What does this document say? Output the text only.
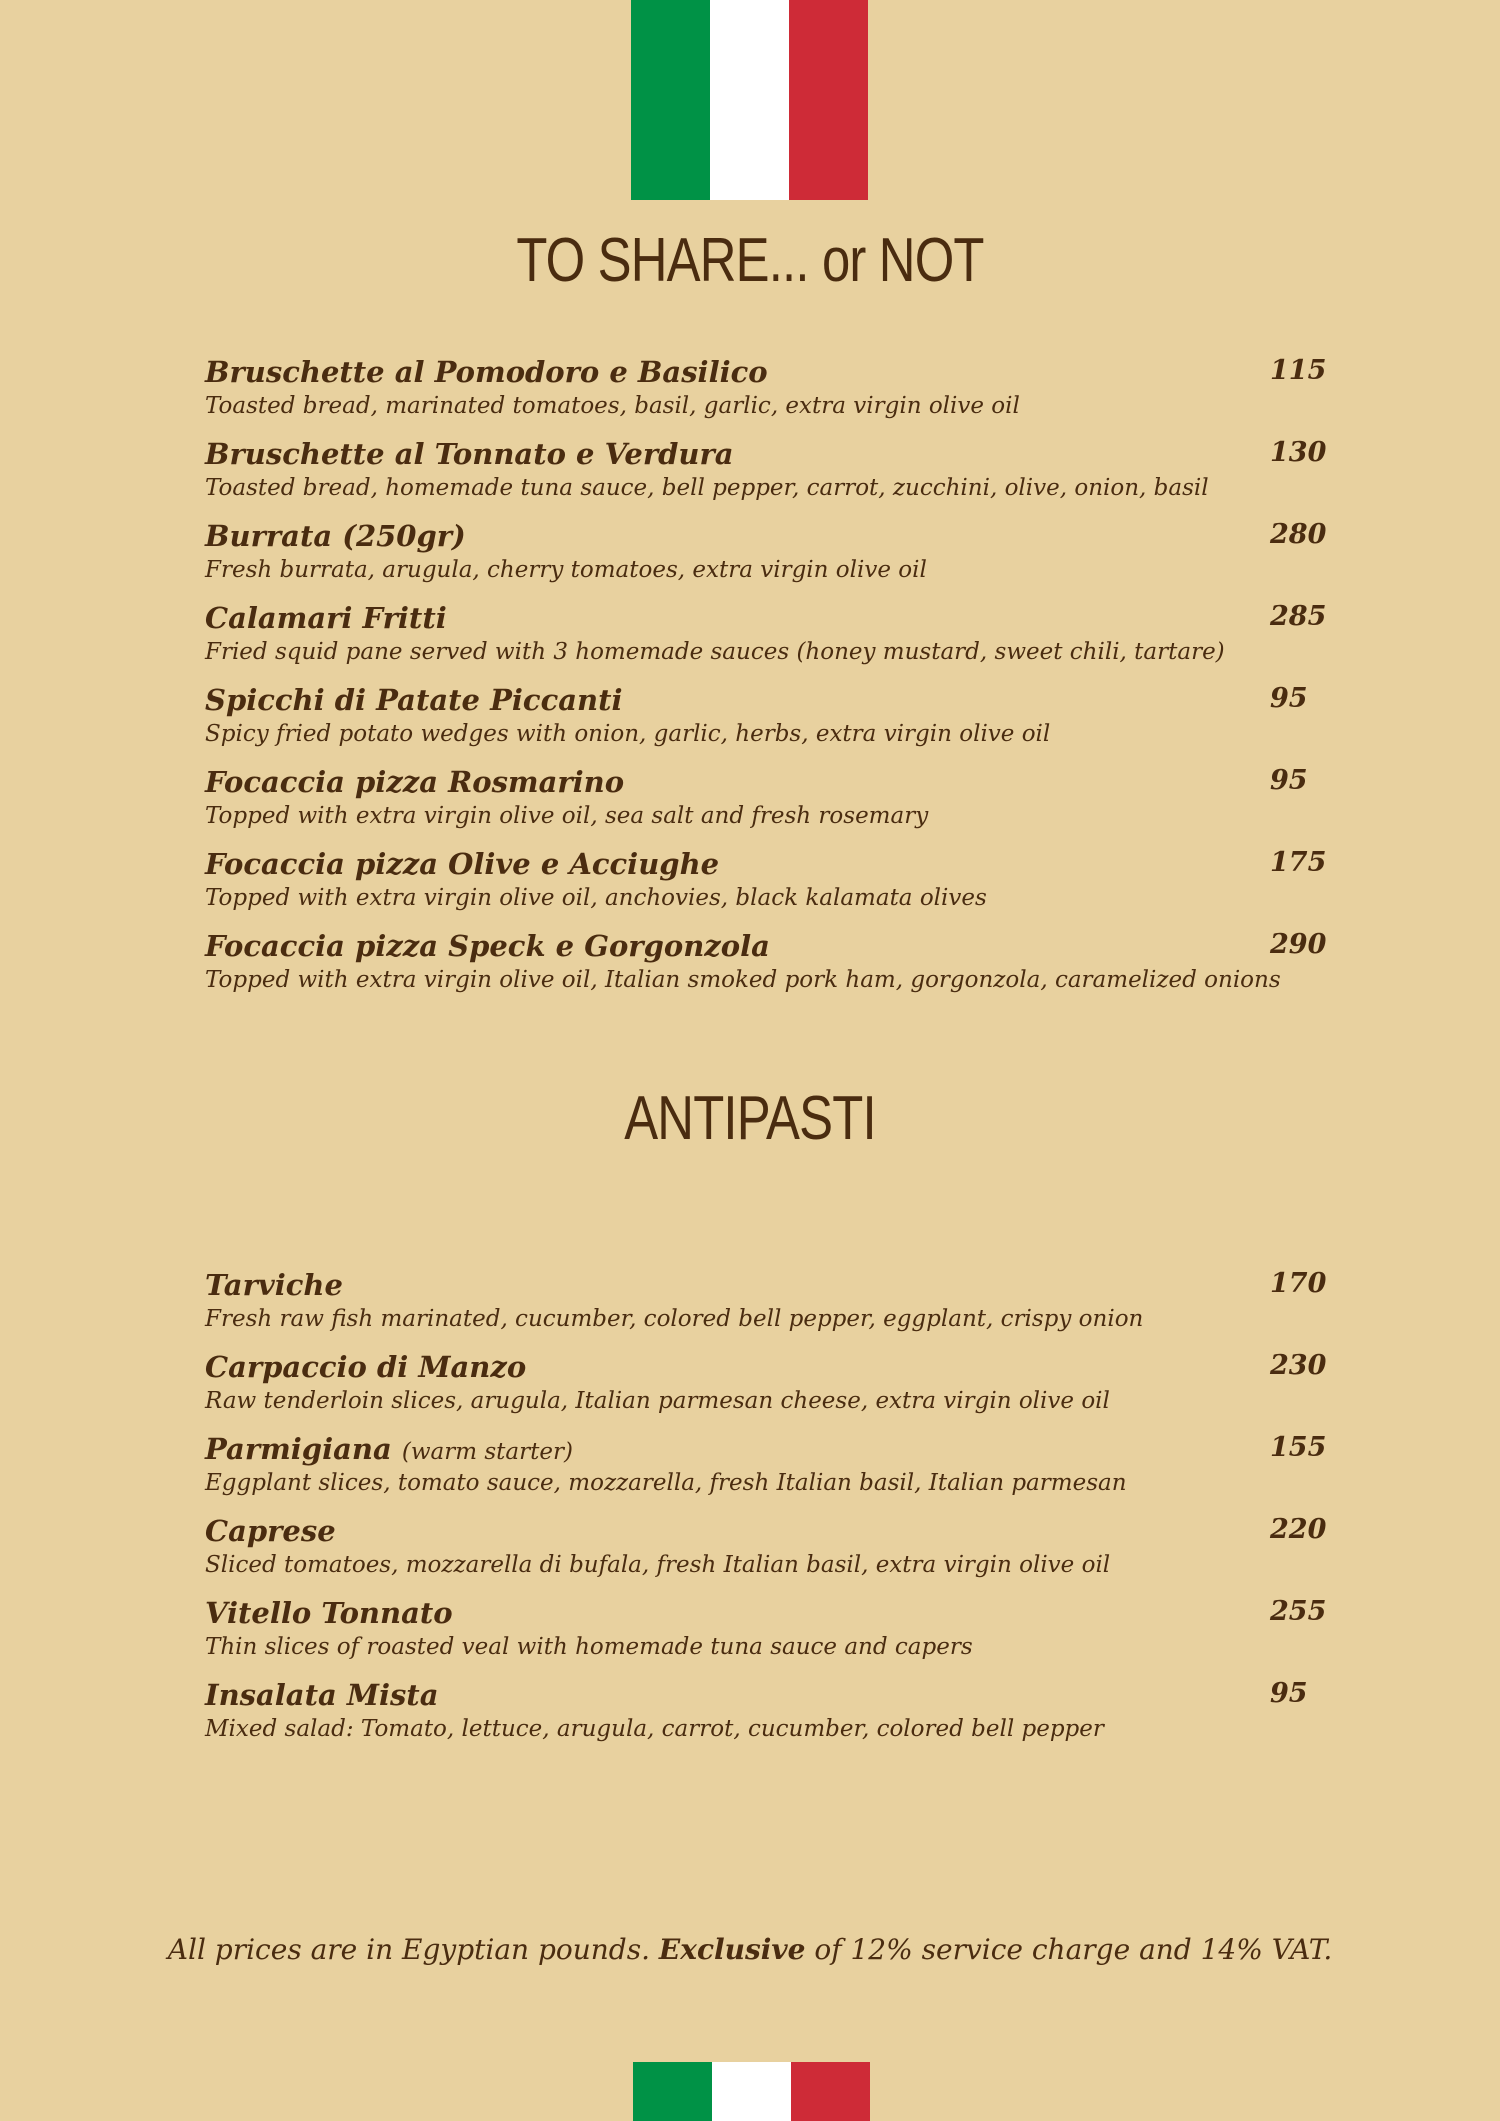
TO SHARE... or NOT
Bruschette al Pomodoro e Basilico	115
Toasted bread, marinated tomatoes, basil, garlic, extra virgin olive oil
Bruschette al Tonnato e Verdura	130
Toasted bread, homemade tuna sauce, bell pepper, carrot, zucchini, olive, onion, basil
Burrata (250gr)	280
Fresh burrata, arugula, cherry tomatoes, extra virgin olive oil
Calamari Fritti	285
Fried squid pane served with 3 homemade sauces (honey mustard, sweet chili, tartare)
Spicchi di Patate Piccanti	95
Spicy fried potato wedges with onion, garlic, herbs, extra virgin olive oil
Focaccia pizza Rosmarino	95
Topped with extra virgin olive oil, sea salt and fresh rosemary
Focaccia pizza Olive e Acciughe	175
Topped with extra virgin olive oil, anchovies, black kalamata olives
Focaccia pizza Speck e Gorgonzola	290
Topped with extra virgin olive oil, Italian smoked pork ham, gorgonzola, caramelized onions
ANTIPASTI
Tarviche	170
Fresh raw fish marinated, cucumber, colored bell pepper, eggplant, crispy onion
Carpaccio di Manzo	230
Raw tenderloin slices, arugula, Italian parmesan cheese, extra virgin olive oil
Parmigiana (warm starter)	155
Eggplant slices, tomato sauce, mozzarella, fresh Italian basil, Italian parmesan
Caprese	220
Sliced tomatoes, mozzarella di bufala, fresh Italian basil, extra virgin olive oil
Vitello Tonnato	255
Thin slices of roasted veal with homemade tuna sauce and capers
Insalata Mista	95
Mixed salad: Tomato, lettuce, arugula, carrot, cucumber, colored bell pepper
All prices are in Egyptian pounds. Exclusive of 12% service charge and 14% VAT.
